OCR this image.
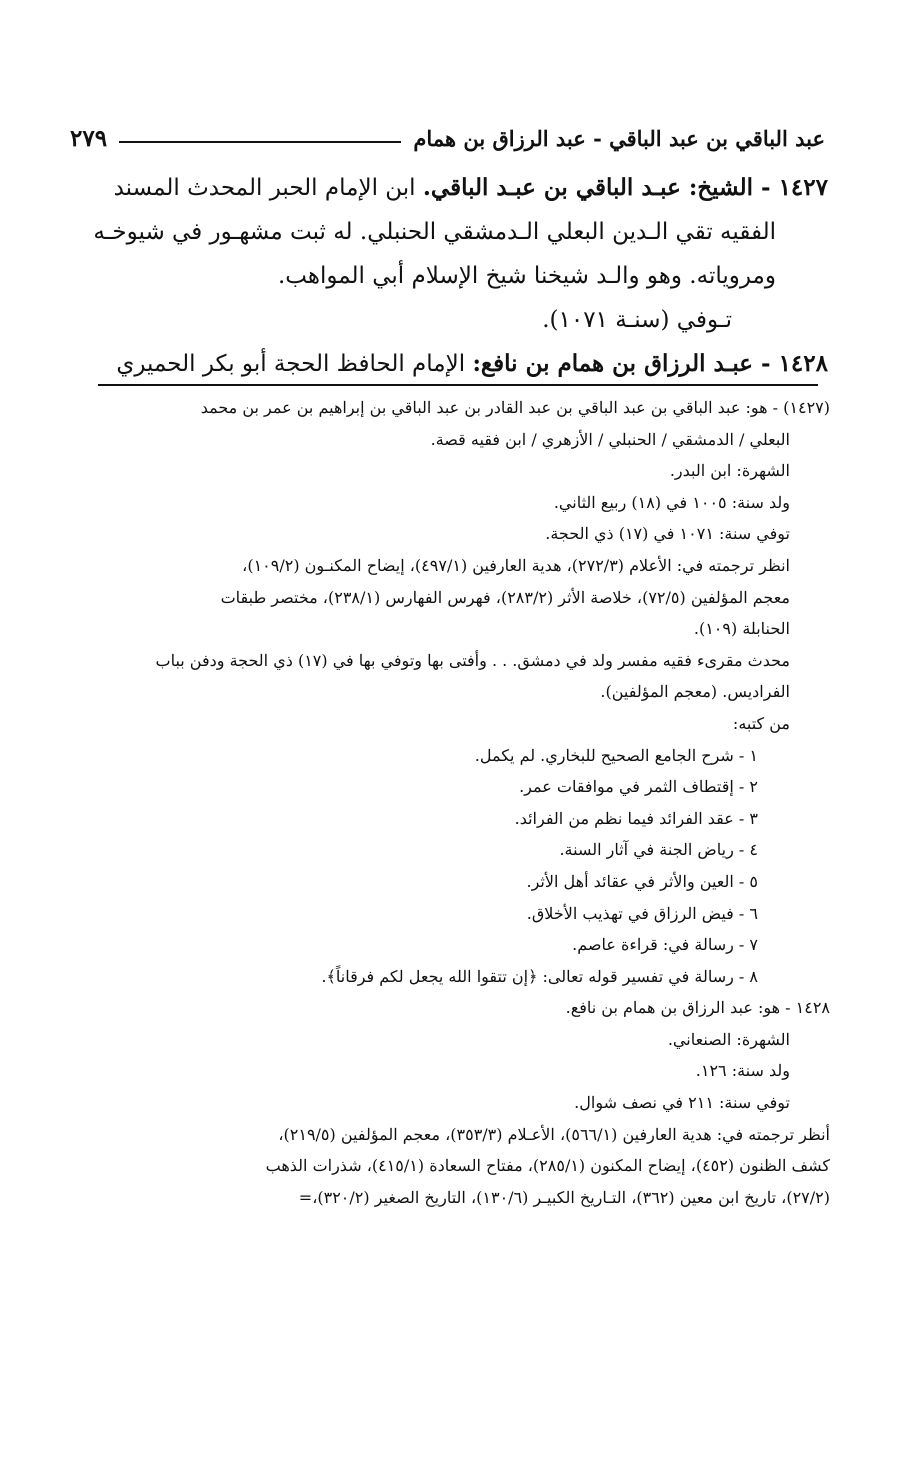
عبد الباقي بن عبد الباقي - عبد الرزاق بن همام
٢٧٩
١٤٢٧ - الشيخ: عبـد الباقي بن عبـد الباقي. ابن الإمام الحبر المحدث المسند
الفقيه تقي الـدين البعلي الـدمشقي الحنبلي. له ثبت مشهـور في شيوخـه
ومروياته. وهو والـد شيخنا شيخ الإسلام أبي المواهب.
تـوفي (سنـة ١٠٧١).
١٤٢٨ - عبـد الرزاق بن همام بن نافع: الإمام الحافظ الحجة أبو بكر الحميري
(١٤٢٧) - هو: عبد الباقي بن عبد الباقي بن عبد القادر بن عبد الباقي بن إبراهيم بن عمر بن محمد
البعلي / الدمشقي / الحنبلي / الأزهري / ابن فقيه قصة.
الشهرة: ابن البدر.
ولد سنة: ١٠٠٥ في (١٨) ربيع الثاني.
توفي سنة: ١٠٧١ في (١٧) ذي الحجة.
انظر ترجمته في: الأعلام (٢٧٢/٣)، هدية العارفين (٤٩٧/١)، إيضاح المكنـون (١٠٩/٢)،
معجم المؤلفين (٧٢/٥)، خلاصة الأثر (٢٨٣/٢)، فهرس الفهارس (٢٣٨/١)، مختصر طبقات
الحنابلة (١٠٩).
محدث مقرىء فقيه مفسر ولد في دمشق. . . وأفتى بها وتوفي بها في (١٧) ذي الحجة ودفن بباب
الفراديس. (معجم المؤلفين).
من كتبه:
١ - شرح الجامع الصحيح للبخاري. لم يكمل.
٢ - إقتطاف الثمر في موافقات عمر.
٣ - عقد الفرائد فيما نظم من الفرائد.
٤ - رياض الجنة في آثار السنة.
٥ - العين والأثر في عقائد أهل الأثر.
٦ - فيض الرزاق في تهذيب الأخلاق.
٧ - رسالة في: قراءة عاصم.
٨ - رسالة في تفسير قوله تعالى: ﴿إن تتقوا الله يجعل لكم فرقاناً﴾.
١٤٢٨ - هو: عبد الرزاق بن همام بن نافع.
الشهرة: الصنعاني.
ولد سنة: ١٢٦.
توفي سنة: ٢١١ في نصف شوال.
أنظر ترجمته في: هدية العارفين (٥٦٦/١)، الأعـلام (٣٥٣/٣)، معجم المؤلفين (٢١٩/٥)،
كشف الظنون (٤٥٢)، إيضاح المكنون (٢٨٥/١)، مفتاح السعادة (٤١٥/١)، شذرات الذهب
(٢٧/٢)، تاريخ ابن معين (٣٦٢)، التـاريخ الكبيـر (١٣٠/٦)، التاريخ الصغير (٣٢٠/٢)،=
